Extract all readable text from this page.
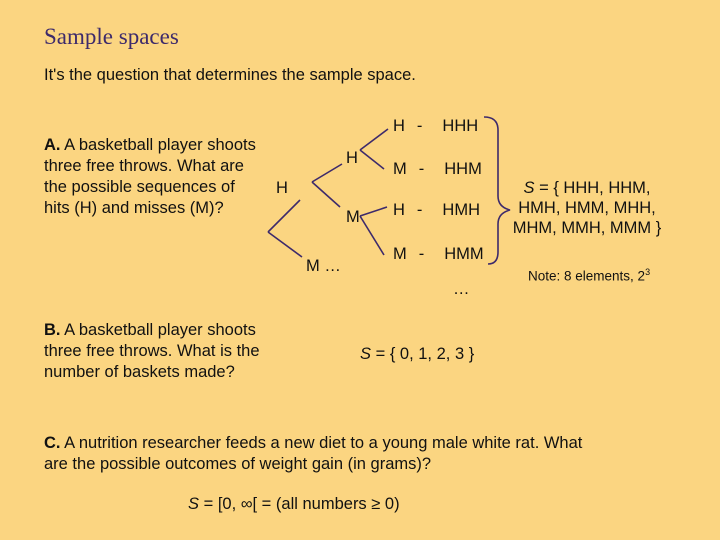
Sample spaces
It's the question that determines the sample space.
A. A basketball player shoots
three free throws. What are
the possible sequences of
hits (H) and misses (M)?
H
H
M
M …
H - HHH
M - HHM
H - HMH
M - HMM
…
S = { HHH, HHM,
HMH, HMM, MHH,
MHM, MMH, MMM }
Note: 8 elements, $2^3$
B. A basketball player shoots
three free throws. What is the
number of baskets made?
S = { 0, 1, 2, 3 }
C. A nutrition researcher feeds a new diet to a young male white rat. What
are the possible outcomes of weight gain (in grams)?
S = [0, ∞[ = (all numbers ≥ 0)
